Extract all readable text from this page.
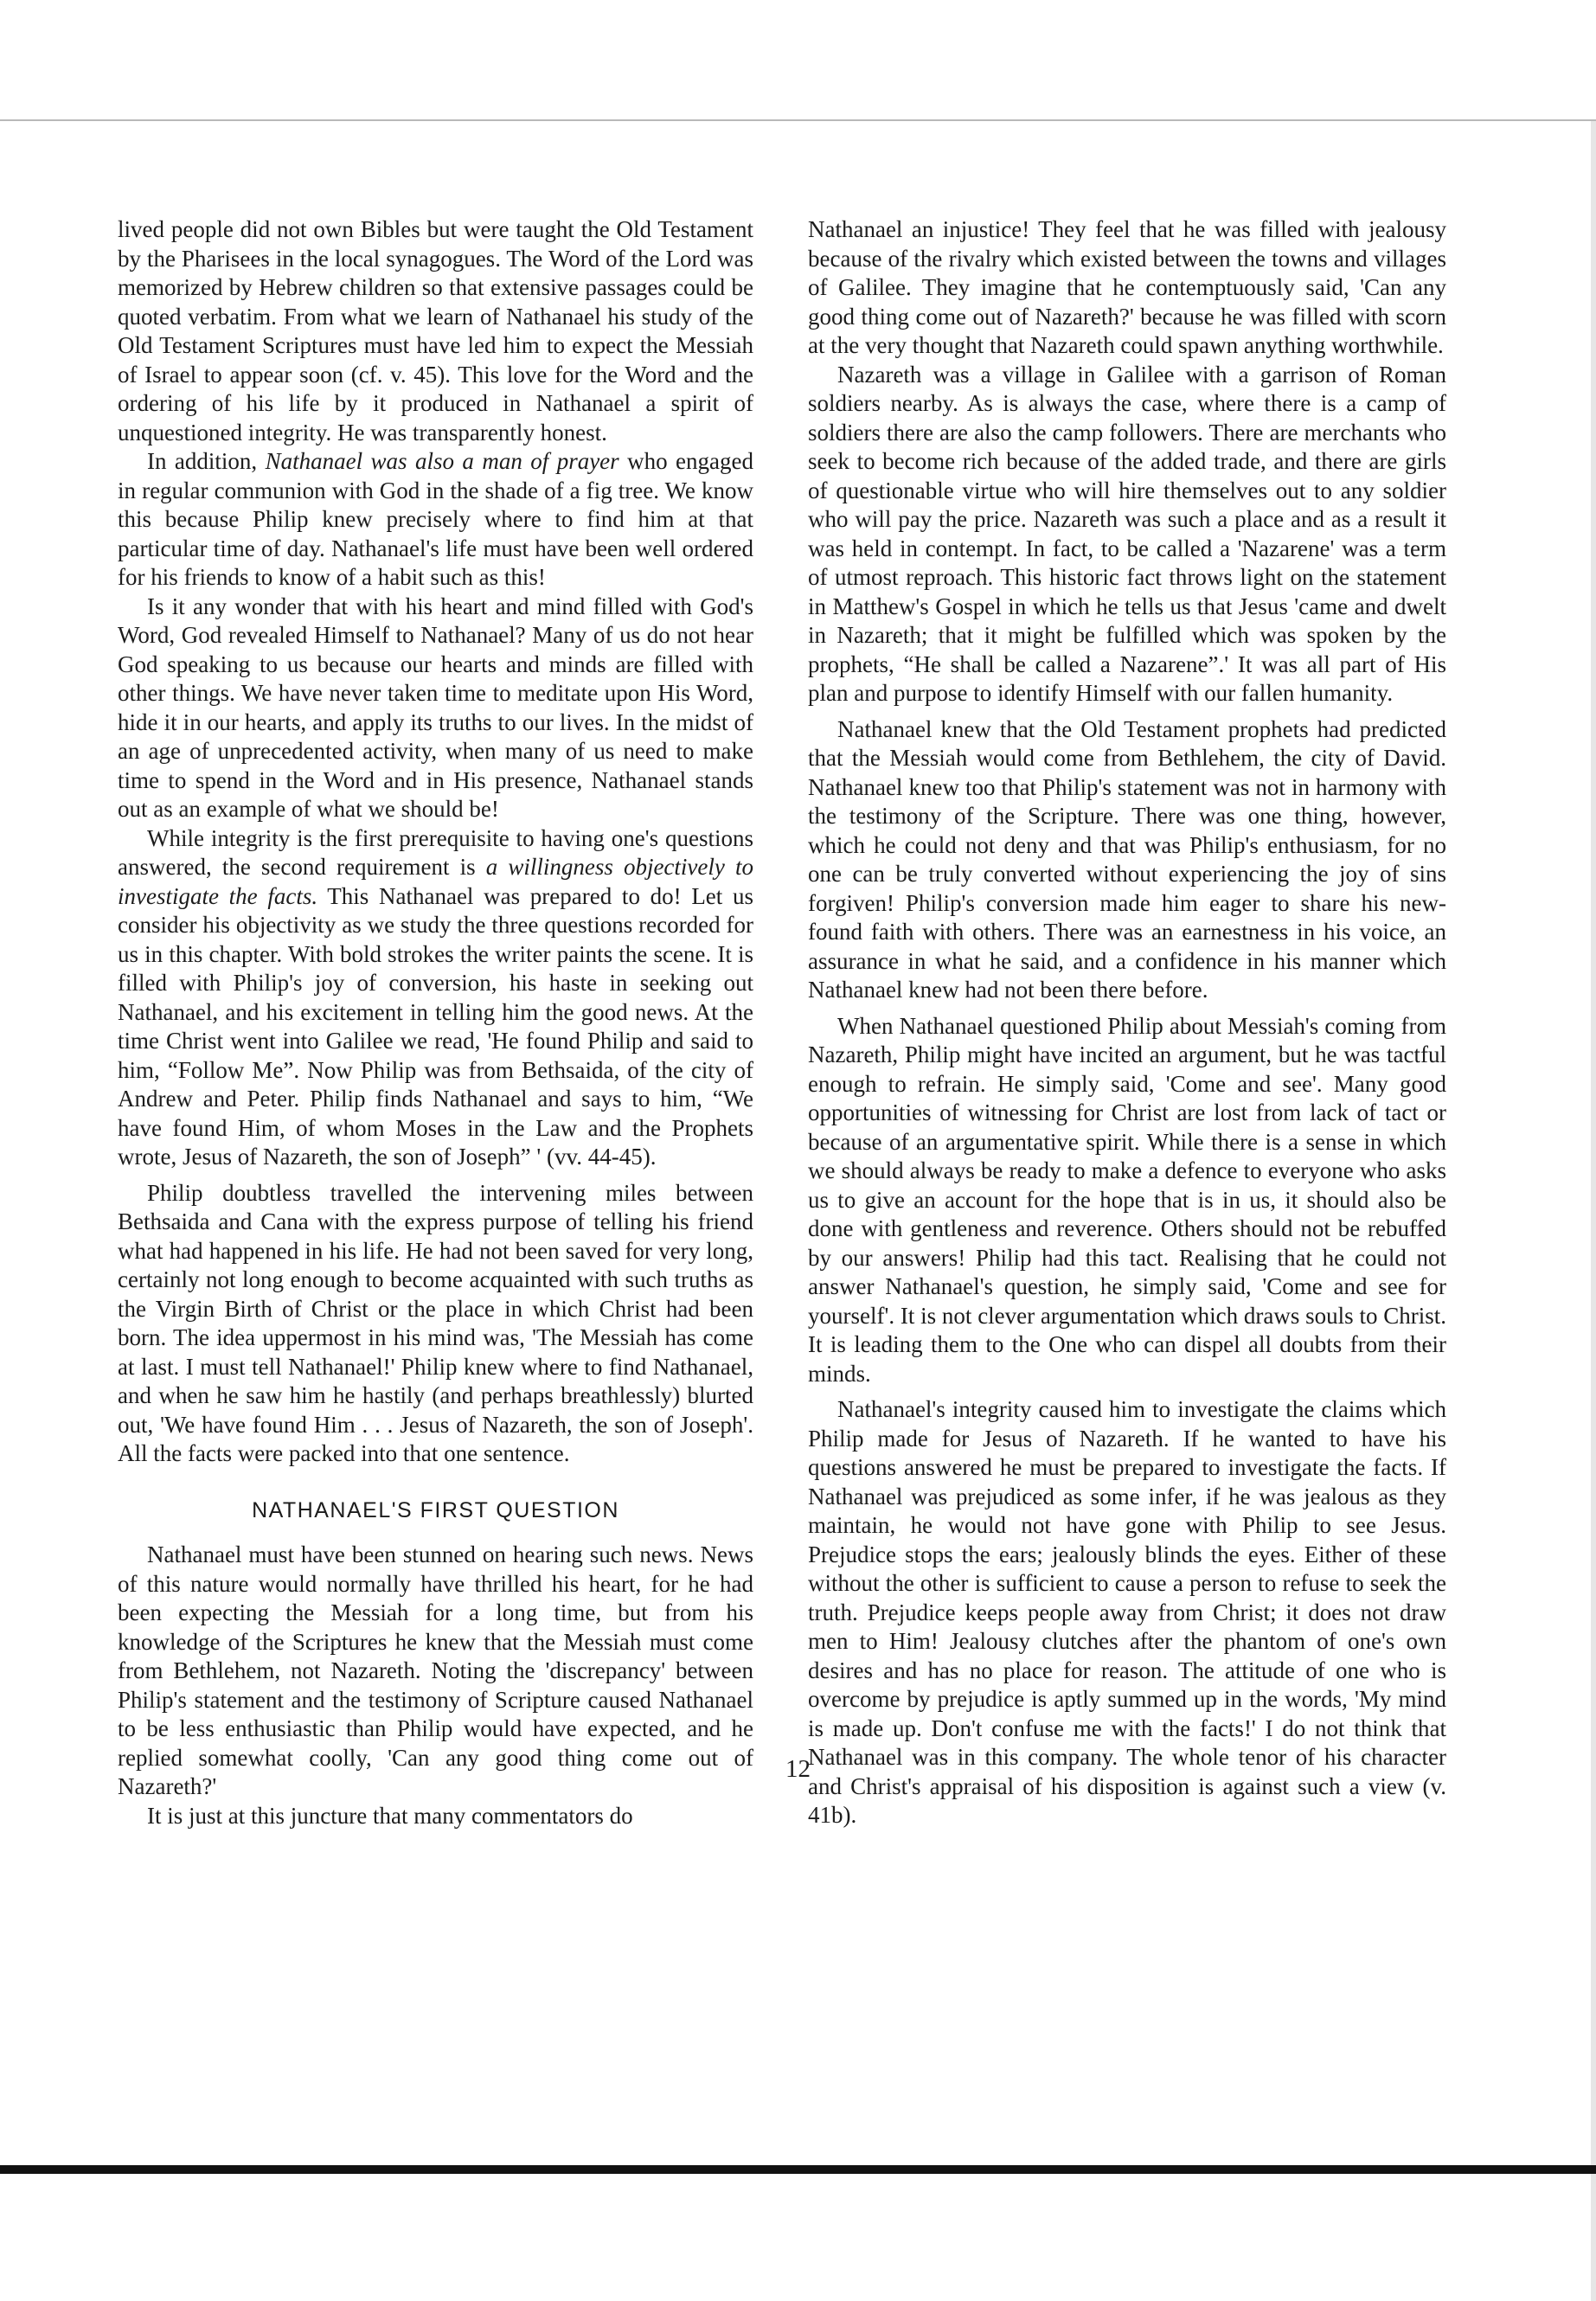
lived people did not own Bibles but were taught the Old Testament by the Pharisees in the local synagogues. The Word of the Lord was memorized by Hebrew children so that extensive passages could be quoted verbatim. From what we learn of Nathanael his study of the Old Testament Scriptures must have led him to expect the Messiah of Israel to appear soon (cf. v. 45). This love for the Word and the ordering of his life by it produced in Nathanael a spirit of unquestioned integrity. He was transparently honest.

In addition, Nathanael was also a man of prayer who engaged in regular communion with God in the shade of a fig tree. We know this because Philip knew precisely where to find him at that particular time of day. Nathanael's life must have been well ordered for his friends to know of a habit such as this!

Is it any wonder that with his heart and mind filled with God's Word, God revealed Himself to Nathanael? Many of us do not hear God speaking to us because our hearts and minds are filled with other things. We have never taken time to meditate upon His Word, hide it in our hearts, and apply its truths to our lives. In the midst of an age of unprecedented activity, when many of us need to make time to spend in the Word and in His presence, Nathanael stands out as an example of what we should be!

While integrity is the first prerequisite to having one's questions answered, the second requirement is a willingness objectively to investigate the facts. This Nathanael was prepared to do! Let us consider his objectivity as we study the three questions recorded for us in this chapter. With bold strokes the writer paints the scene. It is filled with Philip's joy of conversion, his haste in seeking out Nathanael, and his excitement in telling him the good news. At the time Christ went into Galilee we read, 'He found Philip and said to him, “Follow Me”. Now Philip was from Bethsaida, of the city of Andrew and Peter. Philip finds Nathanael and says to him, “We have found Him, of whom Moses in the Law and the Prophets wrote, Jesus of Nazareth, the son of Joseph” ' (vv. 44-45).

Philip doubtless travelled the intervening miles between Bethsaida and Cana with the express purpose of telling his friend what had happened in his life. He had not been saved for very long, certainly not long enough to become acquainted with such truths as the Virgin Birth of Christ or the place in which Christ had been born. The idea uppermost in his mind was, 'The Messiah has come at last. I must tell Nathanael!' Philip knew where to find Nathanael, and when he saw him he hastily (and perhaps breathlessly) blurted out, 'We have found Him . . . Jesus of Nazareth, the son of Joseph'. All the facts were packed into that one sentence.

NATHANAEL'S FIRST QUESTION

Nathanael must have been stunned on hearing such news. News of this nature would normally have thrilled his heart, for he had been expecting the Messiah for a long time, but from his knowledge of the Scriptures he knew that the Messiah must come from Bethlehem, not Nazareth. Noting the 'discrepancy' between Philip's statement and the testimony of Scripture caused Nathanael to be less enthusiastic than Philip would have expected, and he replied somewhat coolly, 'Can any good thing come out of Nazareth?'

It is just at this juncture that many commentators do

Nathanael an injustice! They feel that he was filled with jealousy because of the rivalry which existed between the towns and villages of Galilee. They imagine that he contemptuously said, 'Can any good thing come out of Nazareth?' because he was filled with scorn at the very thought that Nazareth could spawn anything worthwhile.

Nazareth was a village in Galilee with a garrison of Roman soldiers nearby. As is always the case, where there is a camp of soldiers there are also the camp followers. There are merchants who seek to become rich because of the added trade, and there are girls of questionable virtue who will hire themselves out to any soldier who will pay the price. Nazareth was such a place and as a result it was held in contempt. In fact, to be called a 'Nazarene' was a term of utmost reproach. This historic fact throws light on the statement in Matthew's Gospel in which he tells us that Jesus 'came and dwelt in Nazareth; that it might be fulfilled which was spoken by the prophets, “He shall be called a Nazarene”.' It was all part of His plan and purpose to identify Himself with our fallen humanity.

Nathanael knew that the Old Testament prophets had predicted that the Messiah would come from Bethlehem, the city of David. Nathanael knew too that Philip's statement was not in harmony with the testimony of the Scripture. There was one thing, however, which he could not deny and that was Philip's enthusiasm, for no one can be truly converted without experiencing the joy of sins forgiven! Philip's conversion made him eager to share his new-found faith with others. There was an earnestness in his voice, an assurance in what he said, and a confidence in his manner which Nathanael knew had not been there before.

When Nathanael questioned Philip about Messiah's coming from Nazareth, Philip might have incited an argument, but he was tactful enough to refrain. He simply said, 'Come and see'. Many good opportunities of witnessing for Christ are lost from lack of tact or because of an argumentative spirit. While there is a sense in which we should always be ready to make a defence to everyone who asks us to give an account for the hope that is in us, it should also be done with gentleness and reverence. Others should not be rebuffed by our answers! Philip had this tact. Realising that he could not answer Nathanael's question, he simply said, 'Come and see for yourself'. It is not clever argumentation which draws souls to Christ. It is leading them to the One who can dispel all doubts from their minds.

Nathanael's integrity caused him to investigate the claims which Philip made for Jesus of Nazareth. If he wanted to have his questions answered he must be prepared to investigate the facts. If Nathanael was prejudiced as some infer, if he was jealous as they maintain, he would not have gone with Philip to see Jesus. Prejudice stops the ears; jealously blinds the eyes. Either of these without the other is sufficient to cause a person to refuse to seek the truth. Prejudice keeps people away from Christ; it does not draw men to Him! Jealousy clutches after the phantom of one's own desires and has no place for reason. The attitude of one who is overcome by prejudice is aptly summed up in the words, 'My mind is made up. Don't confuse me with the facts!' I do not think that Nathanael was in this company. The whole tenor of his character and Christ's appraisal of his disposition is against such a view (v. 41b).

12
